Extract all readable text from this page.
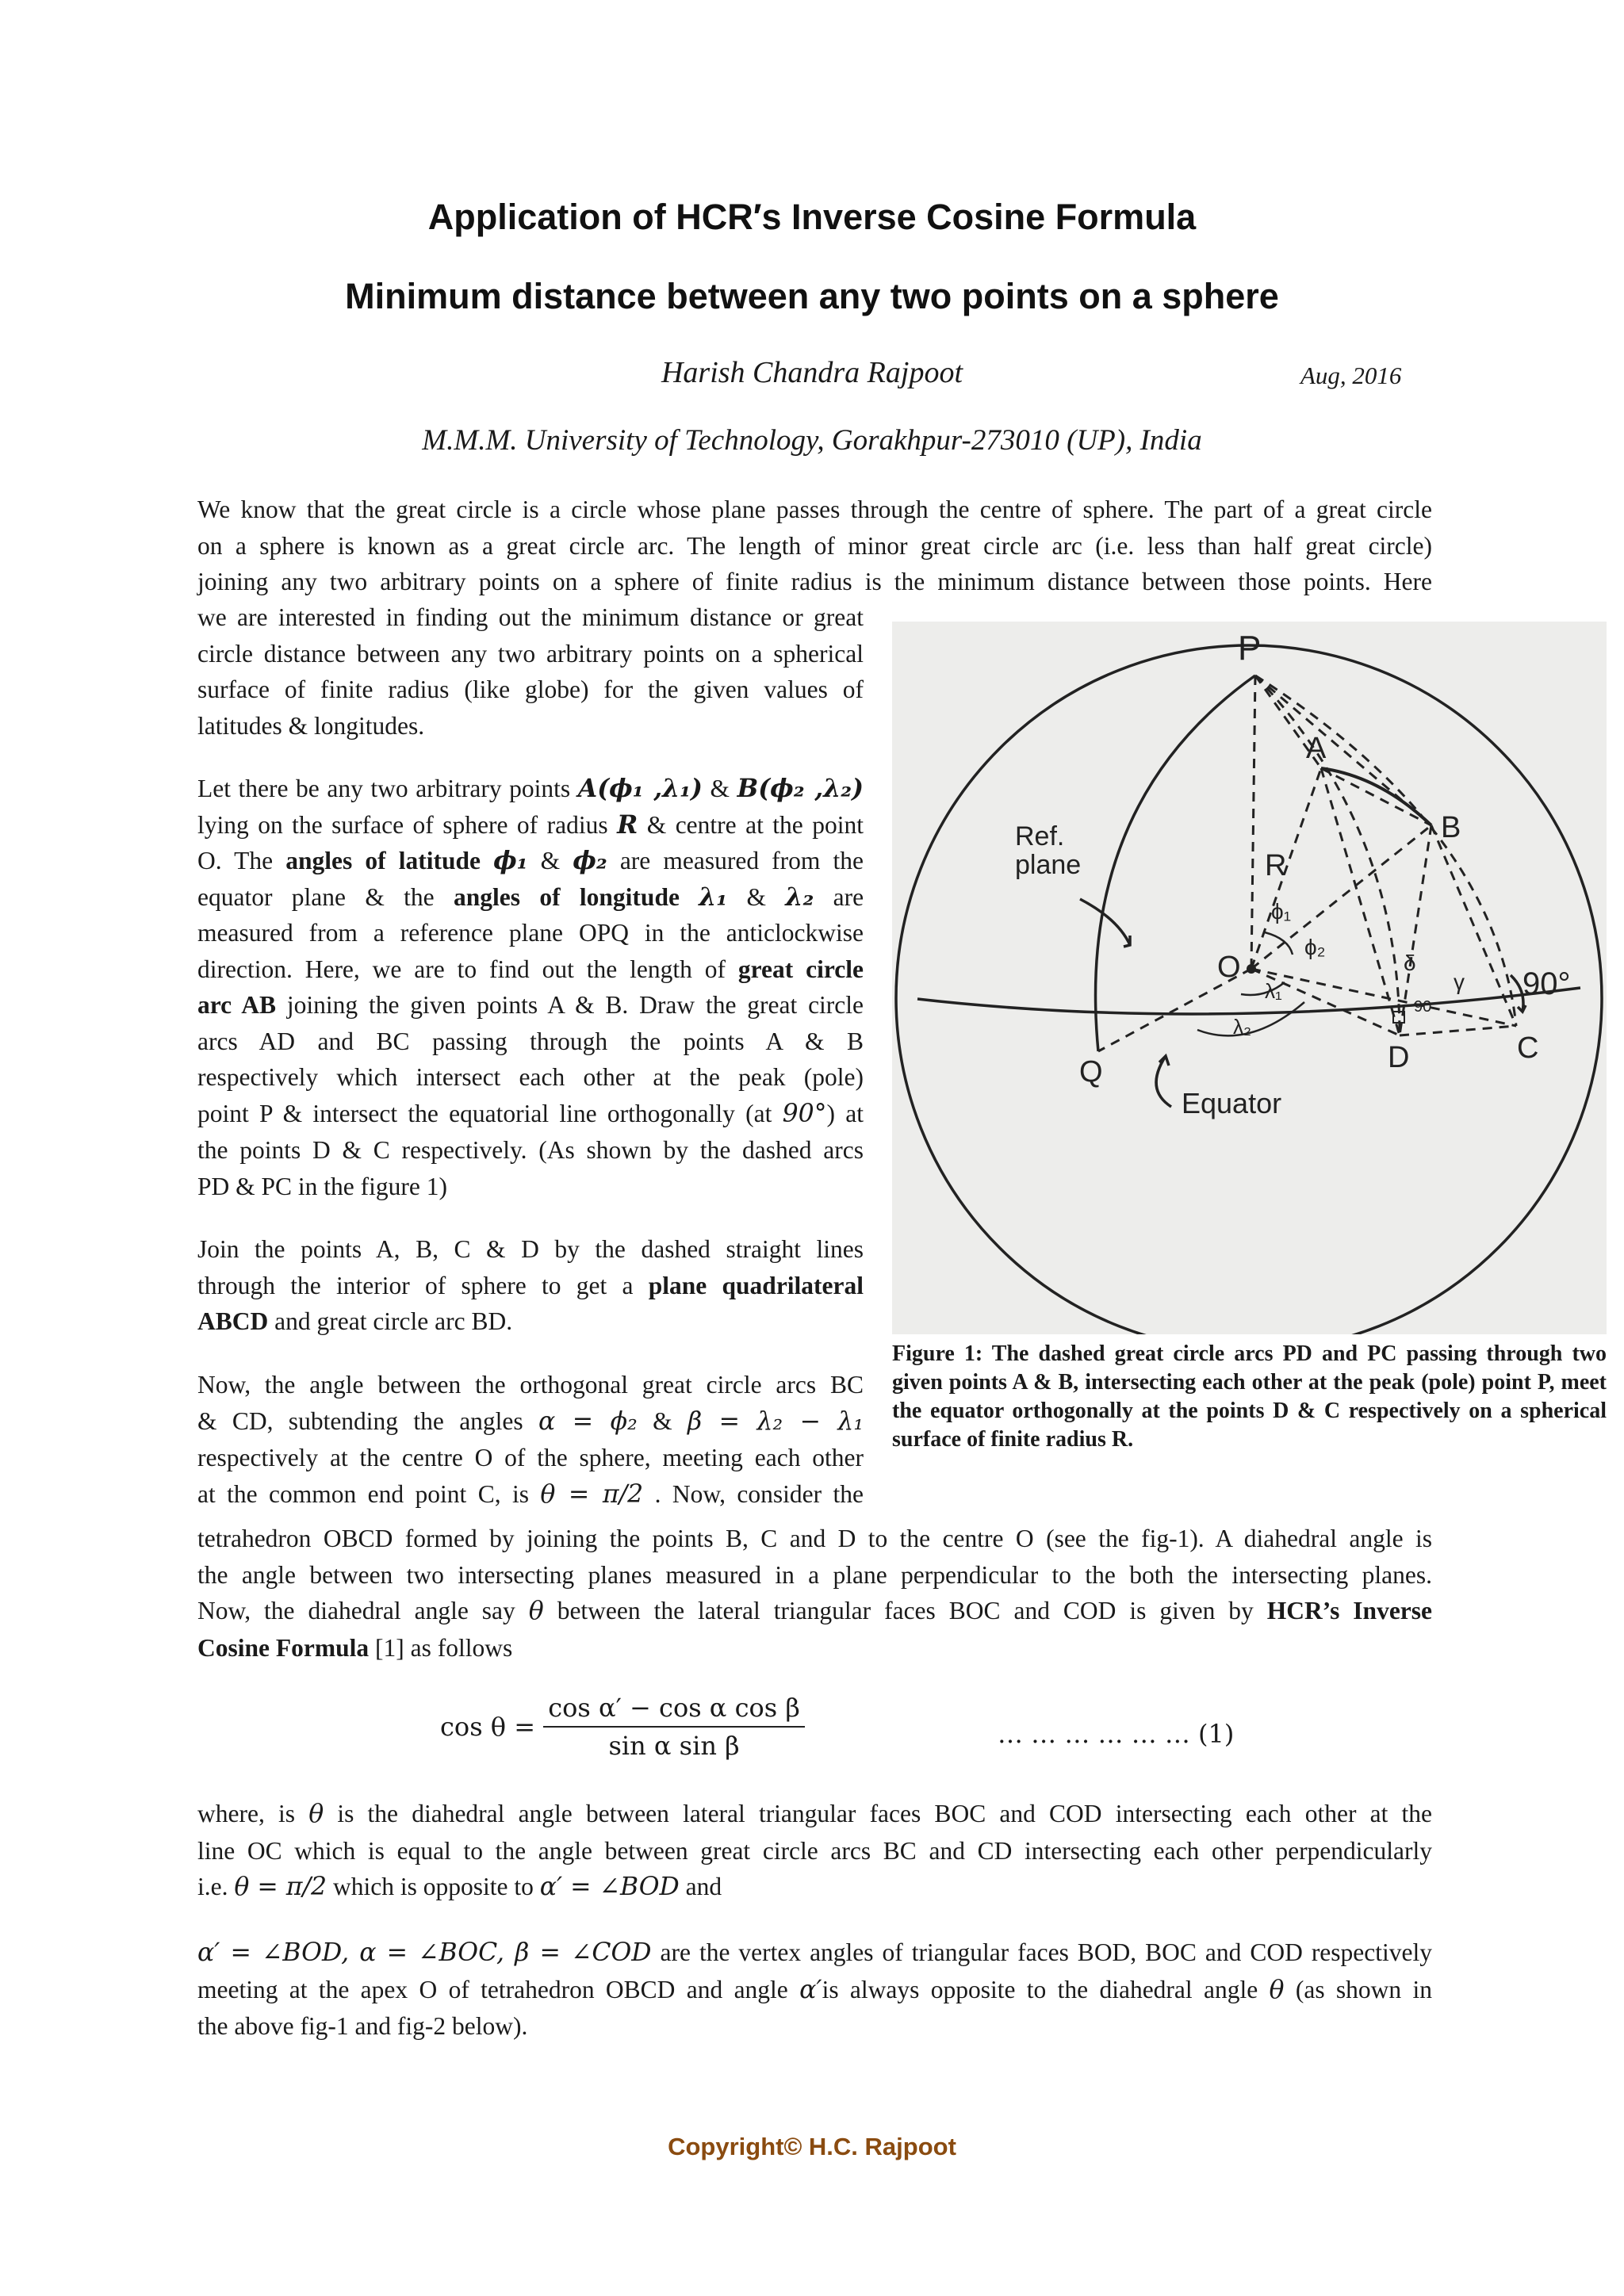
Application of HCR′s Inverse Cosine Formula
Minimum distance between any two points on a sphere
Harish Chandra Rajpoot	Aug, 2016
M.M.M. University of Technology, Gorakhpur-273010 (UP), India
We know that the great circle is a circle whose plane passes through the centre of sphere. The part of a great circle
on a sphere is known as a great circle arc. The length of minor great circle arc (i.e. less than half great circle)
joining any two arbitrary points on a sphere of finite radius is the minimum distance between those points. Here
we are interested in finding out the minimum distance or great
circle distance between any two arbitrary points on a spherical
surface of finite radius (like globe) for the given values of
latitudes & longitudes.
Let there be any two arbitrary points A(ϕ₁ ,λ₁) & B(ϕ₂ ,λ₂)
lying on the surface of sphere of radius R & centre at the point
O. The angles of latitude ϕ₁ & ϕ₂ are measured from the
equator plane & the angles of longitude λ₁ & λ₂ are
measured from a reference plane OPQ in the anticlockwise
direction. Here, we are to find out the length of great circle
arc AB joining the given points A & B. Draw the great circle
arcs AD and BC passing through the points A & B
respectively which intersect each other at the peak (pole)
point P & intersect the equatorial line orthogonally (at 90°) at
the points D & C respectively. (As shown by the dashed arcs
PD & PC in the figure 1)
Join the points A, B, C & D by the dashed straight lines
through the interior of sphere to get a plane quadrilateral
ABCD and great circle arc BD.
Now, the angle between the orthogonal great circle arcs BC
& CD, subtending the angles α = ϕ₂ & β = λ₂ − λ₁
respectively at the centre O of the sphere, meeting each other
at the common end point C, is θ = π/2 . Now, consider the
P
A
B
R
O
Q	D	C
ϕ₁
ϕ₂
λ₁
λ₂
δ
γ 90°
90
Ref.
plane
Equator
Figure 1: The dashed great circle arcs PD and PC passing through two given points A & B, intersecting each other at the peak (pole) point P, meet the equator orthogonally at the points D & C respectively on a spherical surface of finite radius R.
tetrahedron OBCD formed by joining the points B, C and D to the centre O (see the fig-1). A diahedral angle is
the angle between two intersecting planes measured in a plane perpendicular to the both the intersecting planes.
Now, the diahedral angle say θ between the lateral triangular faces BOC and COD is given by HCR’s Inverse
Cosine Formula [1] as follows
$\cos \theta = \frac{\text{cos α′ − cos α cos β}}{\text{sin α sin β}}$	… … … … … … (1)
where, is θ is the diahedral angle between lateral triangular faces BOC and COD intersecting each other at the
line OC which is equal to the angle between great circle arcs BC and CD intersecting each other perpendicularly
i.e. θ = π/2 which is opposite to α′ = ∠BOD and
α′ = ∠BOD, α = ∠BOC, β = ∠COD are the vertex angles of triangular faces BOD, BOC and COD respectively
meeting at the apex O of tetrahedron OBCD and angle α′is always opposite to the diahedral angle θ (as shown in
the above fig-1 and fig-2 below).
Copyright© H.C. Rajpoot
